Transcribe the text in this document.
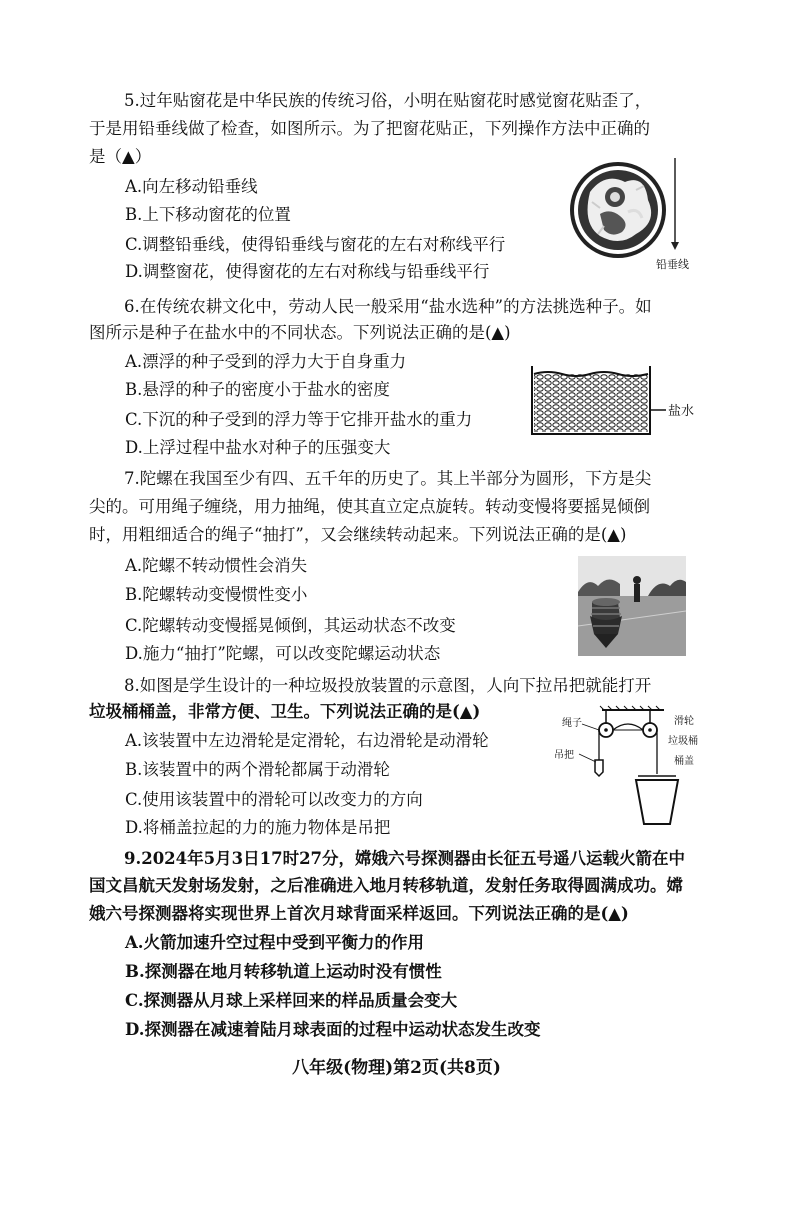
5.过年贴窗花是中华民族的传统习俗，小明在贴窗花时感觉窗花贴歪了，
于是用铅垂线做了检查，如图所示。为了把窗花贴正，下列操作方法中正确的
是（▲）
A.向左移动铅垂线
B.上下移动窗花的位置
C.调整铅垂线，使得铅垂线与窗花的左右对称线平行
D.调整窗花，使得窗花的左右对称线与铅垂线平行	铅垂线
6.在传统农耕文化中，劳动人民一般采用“盐水选种”的方法挑选种子。如
图所示是种子在盐水中的不同状态。下列说法正确的是(▲)
A.漂浮的种子受到的浮力大于自身重力
B.悬浮的种子的密度小于盐水的密度
C.下沉的种子受到的浮力等于它排开盐水的重力
D.上浮过程中盐水对种子的压强变大
盐水
7.陀螺在我国至少有四、五千年的历史了。其上半部分为圆形，下方是尖
尖的。可用绳子缠绕，用力抽绳，使其直立定点旋转。转动变慢将要摇晃倾倒
时，用粗细适合的绳子“抽打”，又会继续转动起来。下列说法正确的是(▲)
A.陀螺不转动惯性会消失
B.陀螺转动变慢惯性变小
C.陀螺转动变慢摇晃倾倒，其运动状态不改变
D.施力“抽打”陀螺，可以改变陀螺运动状态
8.如图是学生设计的一种垃圾投放装置的示意图，人向下拉吊把就能打开
垃圾桶桶盖，非常方便、卫生。下列说法正确的是(▲)
A.该装置中左边滑轮是定滑轮，右边滑轮是动滑轮
B.该装置中的两个滑轮都属于动滑轮
C.使用该装置中的滑轮可以改变力的方向
D.将桶盖拉起的力的施力物体是吊把
绳子
吊把
滑轮
垃圾桶
桶盖
9.2024年5月3日17时27分，嫦娥六号探测器由长征五号遥八运载火箭在中
国文昌航天发射场发射，之后准确进入地月转移轨道，发射任务取得圆满成功。嫦
娥六号探测器将实现世界上首次月球背面采样返回。下列说法正确的是(▲)
A.火箭加速升空过程中受到平衡力的作用
B.探测器在地月转移轨道上运动时没有惯性
C.探测器从月球上采样回来的样品质量会变大
D.探测器在减速着陆月球表面的过程中运动状态发生改变
八年级(物理)第2页(共8页)
